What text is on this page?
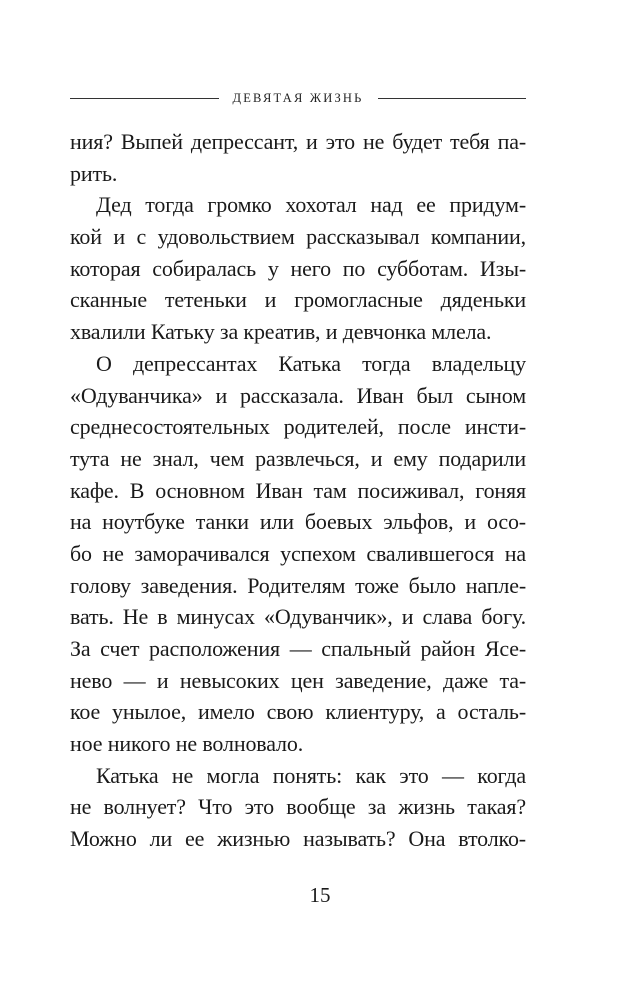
ДЕВЯТАЯ ЖИЗНЬ
ния? Выпей депрессант, и это не будет тебя па-
рить.
Дед тогда громко хохотал над ее придум-
кой и с удовольствием рассказывал компании,
которая собиралась у него по субботам. Изы-
сканные тетеньки и громогласные дяденьки
хвалили Катьку за креатив, и девчонка млела.
О депрессантах Катька тогда владельцу
«Одуванчика» и рассказала. Иван был сыном
среднесостоятельных родителей, после инсти-
тута не знал, чем развлечься, и ему подарили
кафе. В основном Иван там посиживал, гоняя
на ноутбуке танки или боевых эльфов, и осо-
бо не заморачивался успехом свалившегося на
голову заведения. Родителям тоже было напле-
вать. Не в минусах «Одуванчик», и слава богу.
За счет расположения — спальный район Ясе-
нево — и невысоких цен заведение, даже та-
кое унылое, имело свою клиентуру, а осталь-
ное никого не волновало.
Катька не могла понять: как это — когда
не волнует? Что это вообще за жизнь такая?
Можно ли ее жизнью называть? Она втолко-
15
